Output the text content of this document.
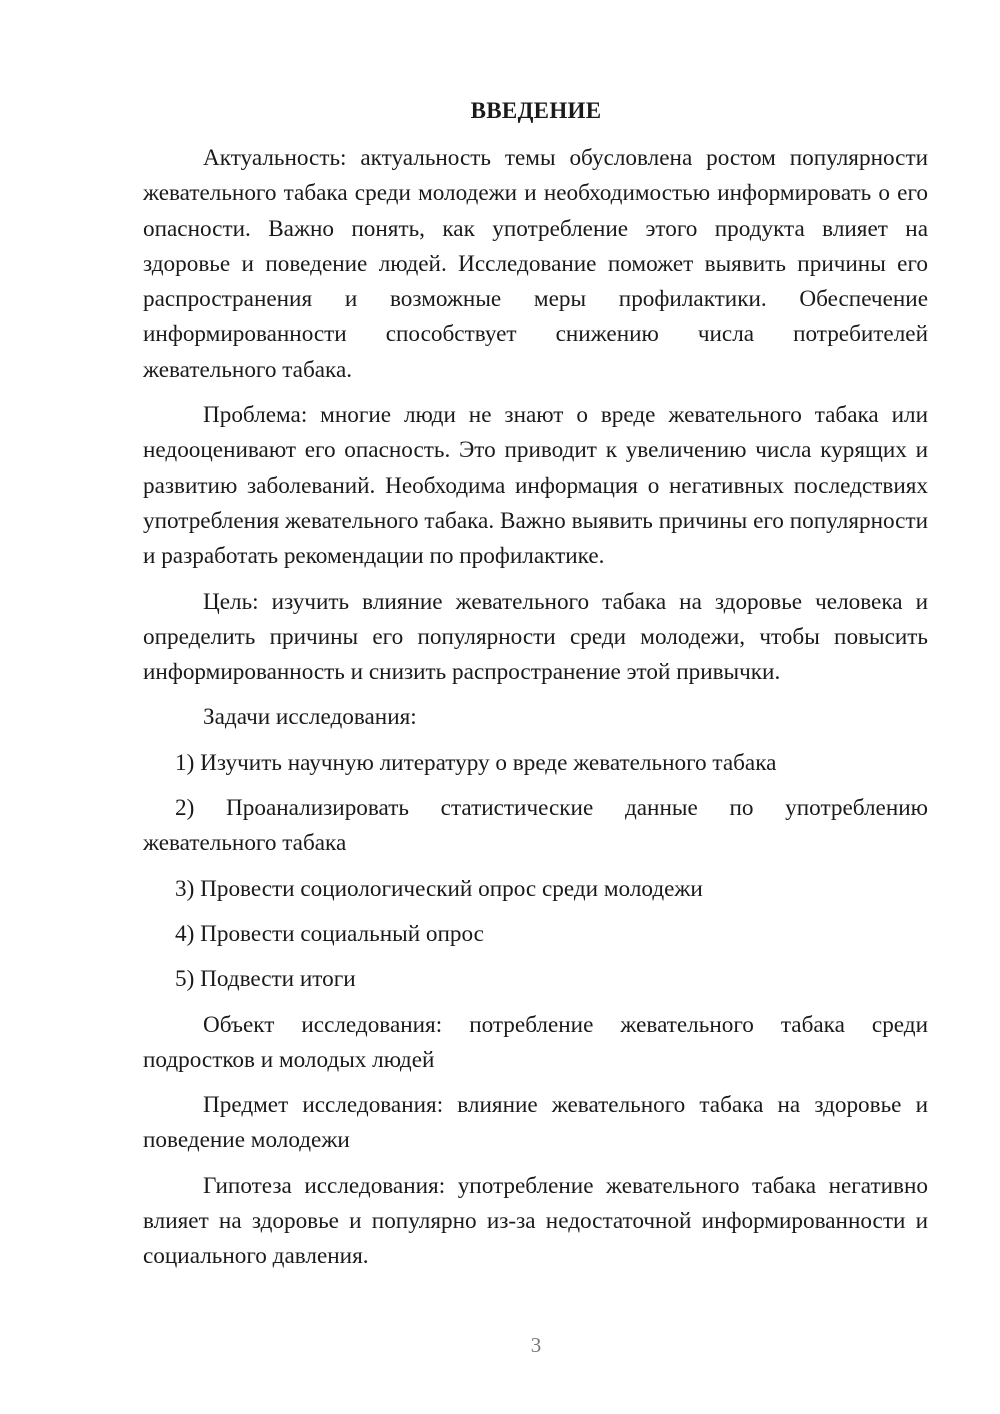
ВВЕДЕНИЕ

Актуальность: актуальность темы обусловлена ростом популярности жевательного табака среди молодежи и необходимостью информировать о его опасности. Важно понять, как употребление этого продукта влияет на здоровье и поведение людей. Исследование поможет выявить причины его распространения и возможные меры профилактики. Обеспечение информированности способствует снижению числа потребителей жевательного табака.

Проблема: многие люди не знают о вреде жевательного табака или недооценивают его опасность. Это приводит к увеличению числа курящих и развитию заболеваний. Необходима информация о негативных последствиях употребления жевательного табака. Важно выявить причины его популярности и разработать рекомендации по профилактике.

Цель: изучить влияние жевательного табака на здоровье человека и определить причины его популярности среди молодежи, чтобы повысить информированность и снизить распространение этой привычки.

Задачи исследования:

1) Изучить научную литературу о вреде жевательного табака

2) Проанализировать статистические данные по употреблению жевательного табака

3) Провести социологический опрос среди молодежи

4) Провести социальный опрос

5) Подвести итоги

Объект исследования: потребление жевательного табака среди подростков и молодых людей

Предмет исследования: влияние жевательного табака на здоровье и поведение молодежи

Гипотеза исследования: употребление жевательного табака негативно влияет на здоровье и популярно из-за недостаточной информированности и социального давления.

3
